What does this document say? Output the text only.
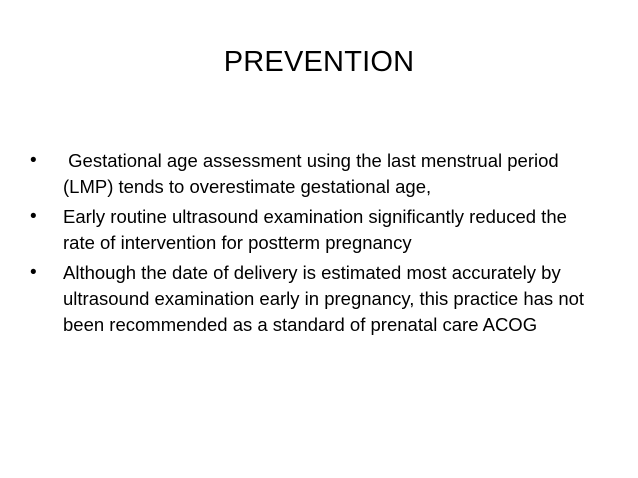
PREVENTION
• Gestational age assessment using the last menstrual period (LMP) tends to overestimate gestational age,
• Early routine ultrasound examination significantly reduced the rate of intervention for postterm pregnancy
• Although the date of delivery is estimated most accurately by ultrasound examination early in pregnancy, this practice has not been recommended as a standard of prenatal care ACOG
